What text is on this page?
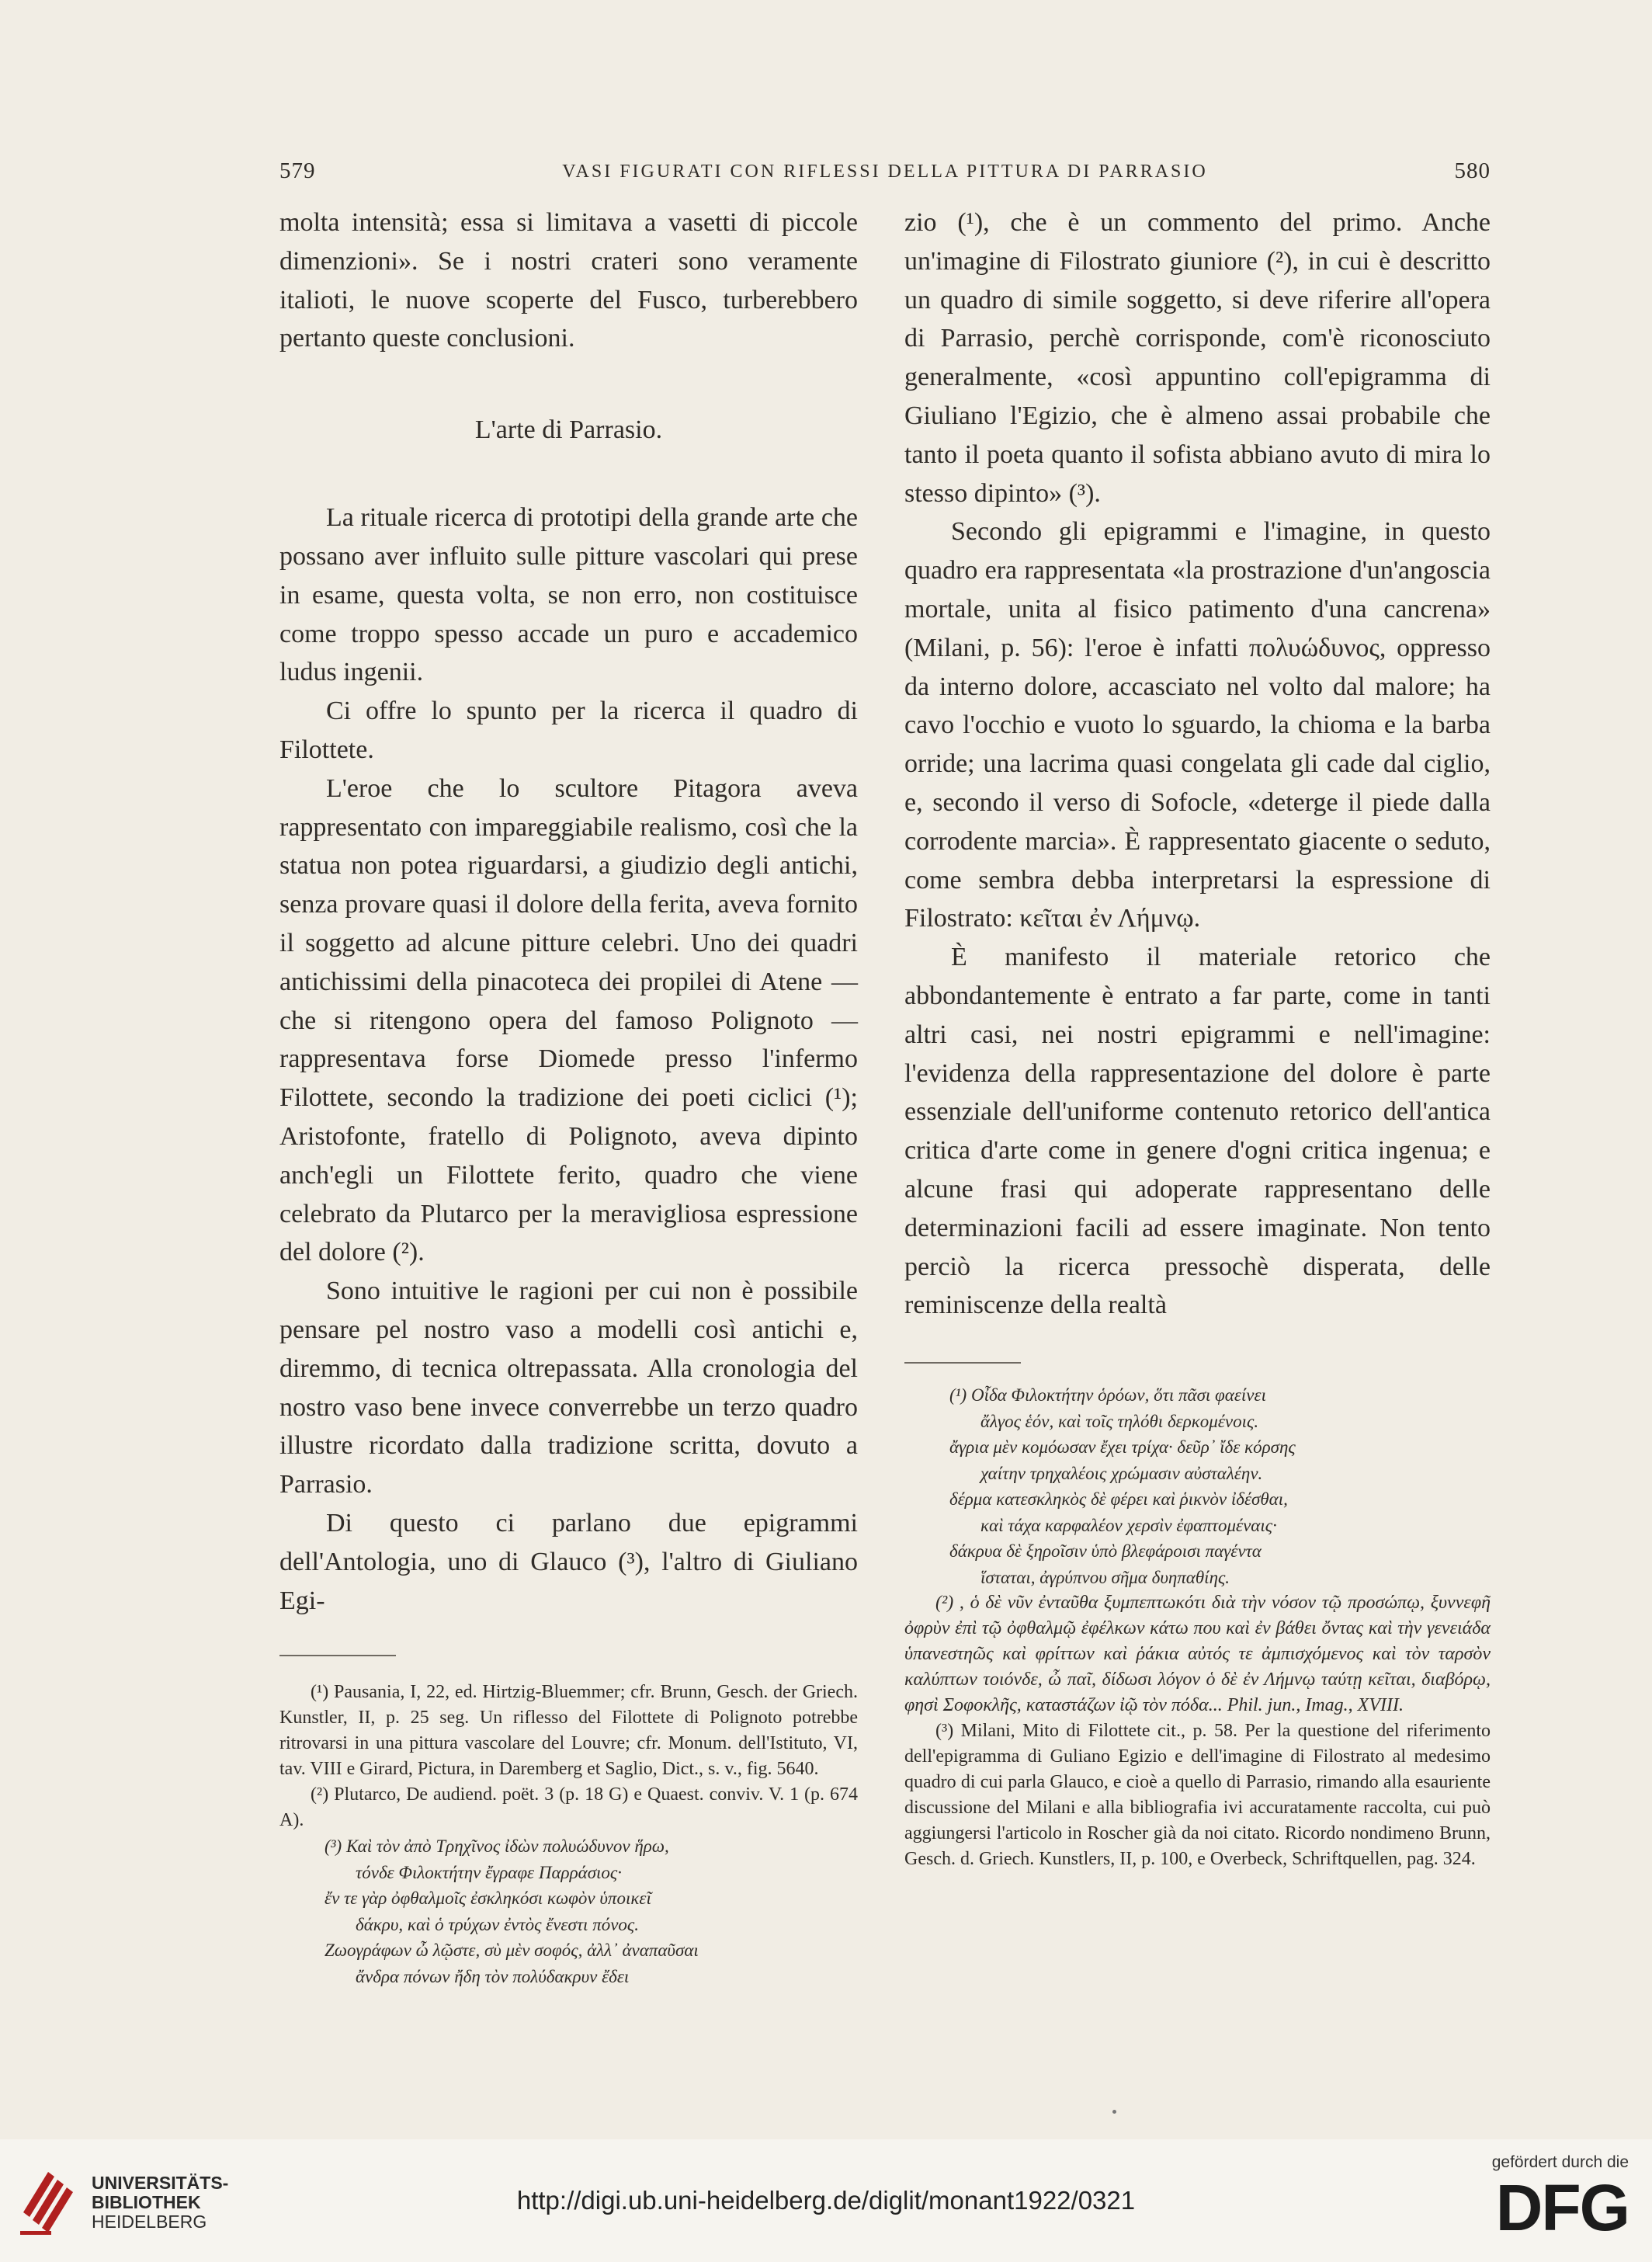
579	VASI FIGURATI CON RIFLESSI DELLA PITTURA DI PARRASIO	580

molta intensità; essa si limitava a vasetti di piccole dimenzioni». Se i nostri crateri sono veramente italioti, le nuove scoperte del Fusco, turberebbero pertanto queste conclusioni.

L'arte di Parrasio.

La rituale ricerca di prototipi della grande arte che possano aver influito sulle pitture vascolari qui prese in esame, questa volta, se non erro, non costituisce come troppo spesso accade un puro e accademico ludus ingenii.

Ci offre lo spunto per la ricerca il quadro di Filottete.

L'eroe che lo scultore Pitagora aveva rappresentato con impareggiabile realismo, così che la statua non potea riguardarsi, a giudizio degli antichi, senza provare quasi il dolore della ferita, aveva fornito il soggetto ad alcune pitture celebri. Uno dei quadri antichissimi della pinacoteca dei propilei di Atene — che si ritengono opera del famoso Polignoto — rappresentava forse Diomede presso l'infermo Filottete, secondo la tradizione dei poeti ciclici (¹); Aristofonte, fratello di Polignoto, aveva dipinto anch'egli un Filottete ferito, quadro che viene celebrato da Plutarco per la meravigliosa espressione del dolore (²).

Sono intuitive le ragioni per cui non è possibile pensare pel nostro vaso a modelli così antichi e, diremmo, di tecnica oltrepassata. Alla cronologia del nostro vaso bene invece converrebbe un terzo quadro illustre ricordato dalla tradizione scritta, dovuto a Parrasio.

Di questo ci parlano due epigrammi dell'Antologia, uno di Glauco (³), l'altro di Giuliano Egi-

(¹) Pausania, I, 22, ed. Hirtzig-Bluemmer; cfr. Brunn, Gesch. der Griech. Kunstler, II, p. 25 seg. Un riflesso del Filottete di Polignoto potrebbe ritrovarsi in una pittura vascolare del Louvre; cfr. Monum. dell'Istituto, VI, tav. VIII e Girard, Pictura, in Daremberg et Saglio, Dict., s. v., fig. 5640.

(²) Plutarco, De audiend. poët. 3 (p. 18 G) e Quaest. conviv. V. 1 (p. 674 A).

(³) Καὶ τὸν ἀπὸ Τρηχῖνος ἰδὼν πολυώδυνον ἥρω,

τόνδε Φιλοκτήτην ἔγραφε Παρράσιος·

ἔν τε γὰρ ὀφθαλμοῖς ἐσκληκόσι κωφὸν ὑποικεῖ

δάκρυ, καὶ ὁ τρύχων ἐντὸς ἔνεστι πόνος.

Ζωογράφων ὦ λῷστε, σὺ μὲν σοφός, ἀλλ᾽ ἀναπαῦσαι

ἄνδρα πόνων ἤδη τὸν πολύδακρυν ἔδει

zio (¹), che è un commento del primo. Anche un'imagine di Filostrato giuniore (²), in cui è descritto un quadro di simile soggetto, si deve riferire all'opera di Parrasio, perchè corrisponde, com'è riconosciuto generalmente, «così appuntino coll'epigramma di Giuliano l'Egizio, che è almeno assai probabile che tanto il poeta quanto il sofista abbiano avuto di mira lo stesso dipinto» (³).

Secondo gli epigrammi e l'imagine, in questo quadro era rappresentata «la prostrazione d'un'angoscia mortale, unita al fisico patimento d'una cancrena» (Milani, p. 56): l'eroe è infatti πολυώδυνος, oppresso da interno dolore, accasciato nel volto dal malore; ha cavo l'occhio e vuoto lo sguardo, la chioma e la barba orride; una lacrima quasi congelata gli cade dal ciglio, e, secondo il verso di Sofocle, «deterge il piede dalla corrodente marcia». È rappresentato giacente o seduto, come sembra debba interpretarsi la espressione di Filostrato: κεῖται ἐν Λήμνῳ.

È manifesto il materiale retorico che abbondantemente è entrato a far parte, come in tanti altri casi, nei nostri epigrammi e nell'imagine: l'evidenza della rappresentazione del dolore è parte essenziale dell'uniforme contenuto retorico dell'antica critica d'arte come in genere d'ogni critica ingenua; e alcune frasi qui adoperate rappresentano delle determinazioni facili ad essere imaginate. Non tento perciò la ricerca pressochè disperata, delle reminiscenze della realtà

(¹) Οἶδα Φιλοκτήτην ὁρόων, ὅτι πᾶσι φαείνει

ἄλγος ἑόν, καὶ τοῖς τηλόθι δερκομένοις.

ἄγρια μὲν κομόωσαν ἔχει τρίχα· δεῦρ᾽ ἴδε κόρσης

χαίτην τρηχαλέοις χρώμασιν αὐσταλέην.

δέρμα κατεσκληκὸς δὲ φέρει καὶ ῥικνὸν ἰδέσθαι,

καὶ τάχα καρφαλέον χερσὶν ἐφαπτομέναις·

δάκρυα δὲ ξηροῖσιν ὑπὸ βλεφάροισι παγέντα

ἵσταται, ἀγρύπνου σῆμα δυηπαθίης.

(²) , ὁ δὲ νῦν ἐνταῦθα ξυμπεπτωκότι διὰ τὴν νόσον τῷ προσώπῳ, ξυννεφῆ ὀφρὺν ἐπὶ τῷ ὀφθαλμῷ ἐφέλκων κάτω που καὶ ἐν βάθει ὄντας καὶ τὴν γενειάδα ὑπανεστηῶς καὶ φρίττων καὶ ῥάκια αὐτός τε ἀμπισχόμενος καὶ τὸν ταρσὸν καλύπτων τοιόνδε, ὦ παῖ, δίδωσι λόγον ὁ δὲ ἐν Λήμνῳ ταύτῃ κεῖται, διαβόρῳ, φησὶ Σοφοκλῆς, καταστάζων ἰῷ τὸν πόδα... Phil. jun., Imag., XVIII.

(³) Milani, Mito di Filottete cit., p. 58. Per la questione del riferimento dell'epigramma di Guliano Egizio e dell'imagine di Filostrato al medesimo quadro di cui parla Glauco, e cioè a quello di Parrasio, rimando alla esauriente discussione del Milani e alla bibliografia ivi accuratamente raccolta, cui può aggiungersi l'articolo in Roscher già da noi citato. Ricordo nondimeno Brunn, Gesch. d. Griech. Kunstlers, II, p. 100, e Overbeck, Schriftquellen, pag. 324.

UNIVERSITÄTS-
BIBLIOTHEK
HEIDELBERG
http://digi.ub.uni-heidelberg.de/diglit/monant1922/0321
gefördert durch die
DFG
